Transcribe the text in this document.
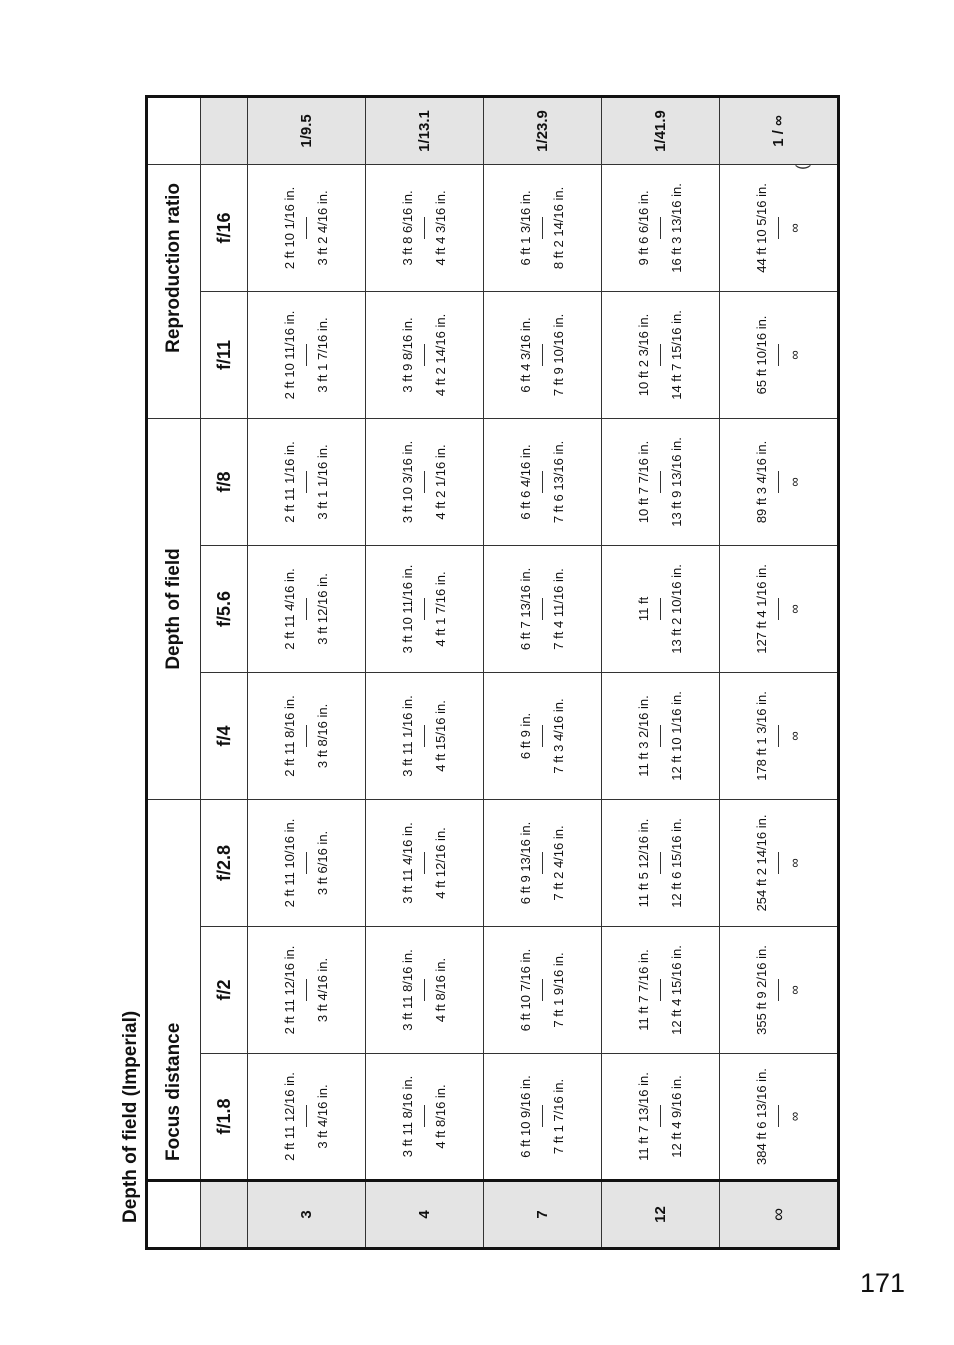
Depth of field (Imperial)
	Focus distance			Depth of field			Reproduction ratio		
	f/1.8	f/2	f/2.8	f/4	f/5.6	f/8	f/11	f/16	
3	2 ft 11 12/16 in. 3 ft 4/16 in.	2 ft 11 12/16 in. 3 ft 4/16 in.	2 ft 11 10/16 in. 3 ft 6/16 in.	2 ft 11 8/16 in. 3 ft 8/16 in.	2 ft 11 4/16 in. 3 ft 12/16 in.	2 ft 11 1/16 in. 3 ft 1 1/16 in.	2 ft 10 11/16 in. 3 ft 1 7/16 in.	2 ft 10 1/16 in. 3 ft 2 4/16 in.	1/9.5
4	3 ft 11 8/16 in. 4 ft 8/16 in.	3 ft 11 8/16 in. 4 ft 8/16 in.	3 ft 11 4/16 in. 4 ft 12/16 in.	3 ft 11 1/16 in. 4 ft 15/16 in.	3 ft 10 11/16 in. 4 ft 1 7/16 in.	3 ft 10 3/16 in. 4 ft 2 1/16 in.	3 ft 9 8/16 in. 4 ft 2 14/16 in.	3 ft 8 6/16 in. 4 ft 4 3/16 in.	1/13.1
7	6 ft 10 9/16 in. 7 ft 1 7/16 in.	6 ft 10 7/16 in. 7 ft 1 9/16 in.	6 ft 9 13/16 in. 7 ft 2 4/16 in.	6 ft 9 in. 7 ft 3 4/16 in.	6 ft 7 13/16 in. 7 ft 4 11/16 in.	6 ft 6 4/16 in. 7 ft 6 13/16 in.	6 ft 4 3/16 in. 7 ft 9 10/16 in.	6 ft 1 3/16 in. 8 ft 2 14/16 in.	1/23.9
12	11 ft 7 13/16 in. 12 ft 4 9/16 in.	11 ft 7 7/16 in. 12 ft 4 15/16 in.	11 ft 5 12/16 in. 12 ft 6 15/16 in.	11 ft 3 2/16 in. 12 ft 10 1/16 in.	11 ft 13 ft 2 10/16 in.	10 ft 7 7/16 in. 13 ft 9 13/16 in.	10 ft 2 3/16 in. 14 ft 7 15/16 in.	9 ft 6 6/16 in. 16 ft 3 13/16 in.	1/41.9
∞	384 ft 6 13/16 in. ∞	355 ft 9 2/16 in. ∞	254 ft 2 14/16 in. ∞	178 ft 1 3/16 in. ∞	127 ft 4 1/16 in. ∞	89 ft 3 4/16 in. ∞	65 ft 10/16 in. ∞	44 ft 10 5/16 in. ∞	1 / ∞
171
